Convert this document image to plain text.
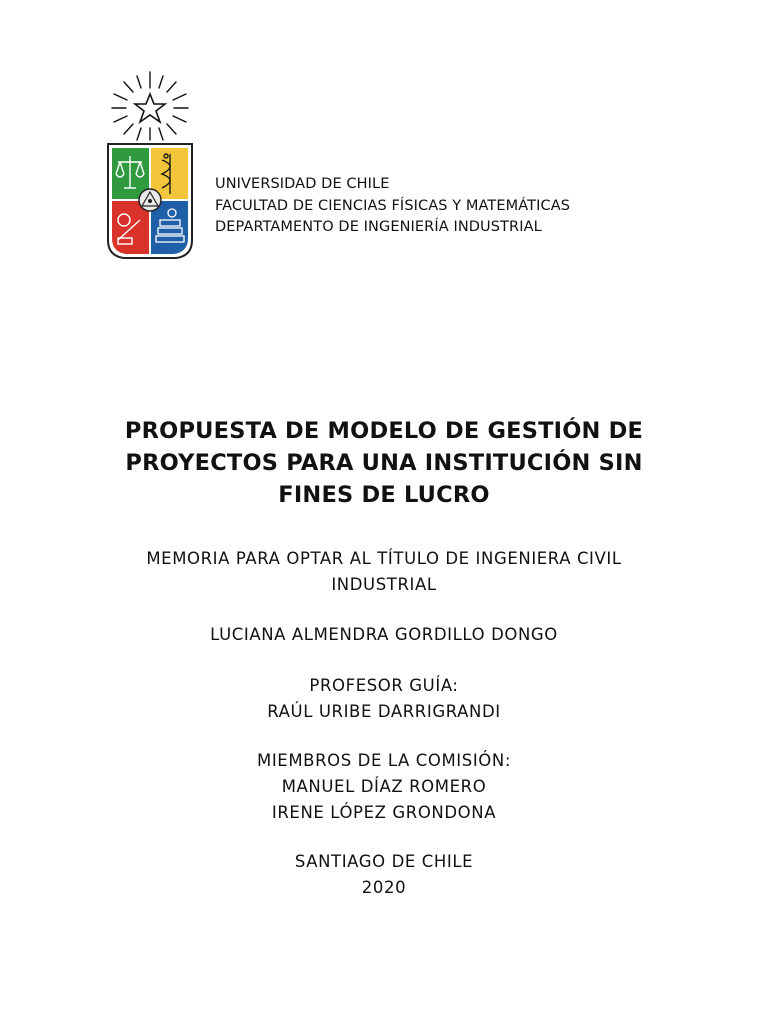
UNIVERSIDAD DE CHILE
FACULTAD DE CIENCIAS FÍSICAS Y MATEMÁTICAS
DEPARTAMENTO DE INGENIERÍA INDUSTRIAL
PROPUESTA DE MODELO DE GESTIÓN DE
PROYECTOS PARA UNA INSTITUCIÓN SIN
FINES DE LUCRO
MEMORIA PARA OPTAR AL TÍTULO DE INGENIERA CIVIL
INDUSTRIAL
LUCIANA ALMENDRA GORDILLO DONGO
PROFESOR GUÍA:
RAÚL URIBE DARRIGRANDI
MIEMBROS DE LA COMISIÓN:
MANUEL DÍAZ ROMERO
IRENE LÓPEZ GRONDONA
SANTIAGO DE CHILE
2020
